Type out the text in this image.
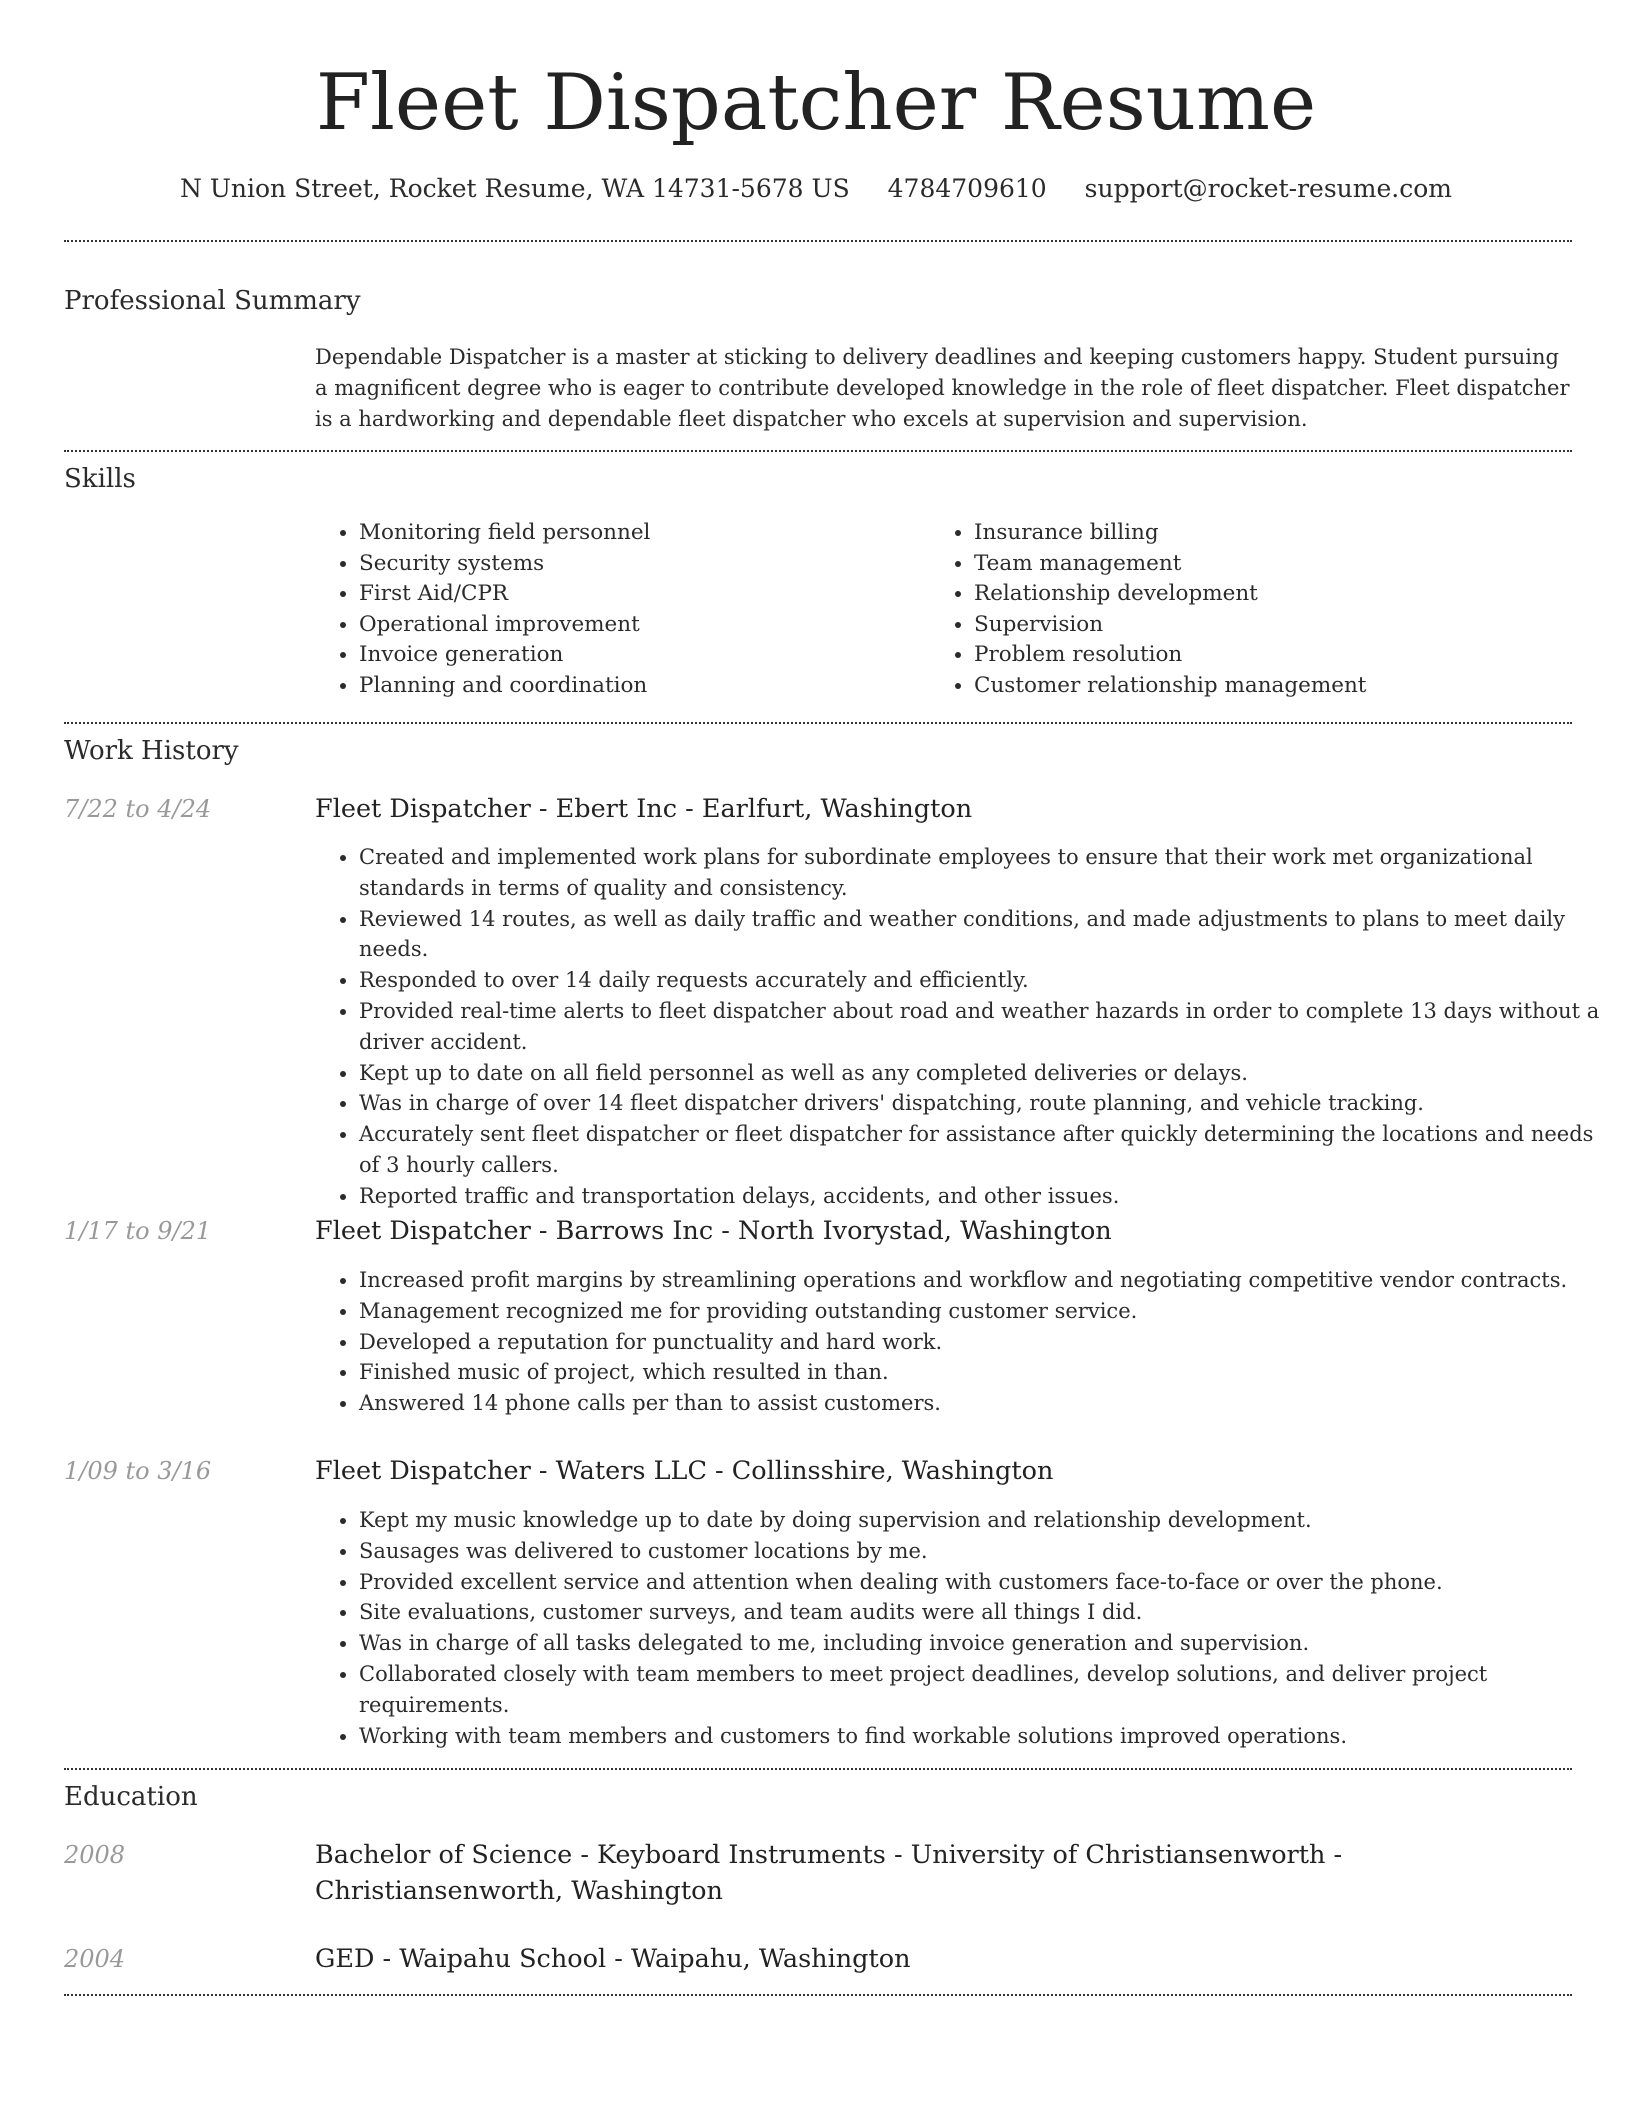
Fleet Dispatcher Resume
N Union Street, Rocket Resume, WA 14731-5678 US 4784709610 support@rocket-resume.com
Professional Summary
Dependable Dispatcher is a master at sticking to delivery deadlines and keeping customers happy. Student pursuing a magnificent degree who is eager to contribute developed knowledge in the role of fleet dispatcher. Fleet dispatcher is a hardworking and dependable fleet dispatcher who excels at supervision and supervision.
Skills
• Monitoring field personnel
• Security systems
• First Aid/CPR
• Operational improvement
• Invoice generation
• Planning and coordination
• Insurance billing
• Team management
• Relationship development
• Supervision
• Problem resolution
• Customer relationship management
Work History
7/22 to 4/24	Fleet Dispatcher - Ebert Inc - Earlfurt, Washington
• Created and implemented work plans for subordinate employees to ensure that their work met organizational standards in terms of quality and consistency.
• Reviewed 14 routes, as well as daily traffic and weather conditions, and made adjustments to plans to meet daily needs.
• Responded to over 14 daily requests accurately and efficiently.
• Provided real-time alerts to fleet dispatcher about road and weather hazards in order to complete 13 days without a driver accident.
• Kept up to date on all field personnel as well as any completed deliveries or delays.
• Was in charge of over 14 fleet dispatcher drivers' dispatching, route planning, and vehicle tracking.
• Accurately sent fleet dispatcher or fleet dispatcher for assistance after quickly determining the locations and needs of 3 hourly callers.
• Reported traffic and transportation delays, accidents, and other issues.
1/17 to 9/21	Fleet Dispatcher - Barrows Inc - North Ivorystad, Washington
• Increased profit margins by streamlining operations and workflow and negotiating competitive vendor contracts.
• Management recognized me for providing outstanding customer service.
• Developed a reputation for punctuality and hard work.
• Finished music of project, which resulted in than.
• Answered 14 phone calls per than to assist customers.
1/09 to 3/16	Fleet Dispatcher - Waters LLC - Collinsshire, Washington
• Kept my music knowledge up to date by doing supervision and relationship development.
• Sausages was delivered to customer locations by me.
• Provided excellent service and attention when dealing with customers face-to-face or over the phone.
• Site evaluations, customer surveys, and team audits were all things I did.
• Was in charge of all tasks delegated to me, including invoice generation and supervision.
• Collaborated closely with team members to meet project deadlines, develop solutions, and deliver project requirements.
• Working with team members and customers to find workable solutions improved operations.
Education
2008	Bachelor of Science - Keyboard Instruments - University of Christiansenworth - Christiansenworth, Washington
2004	GED - Waipahu School - Waipahu, Washington
